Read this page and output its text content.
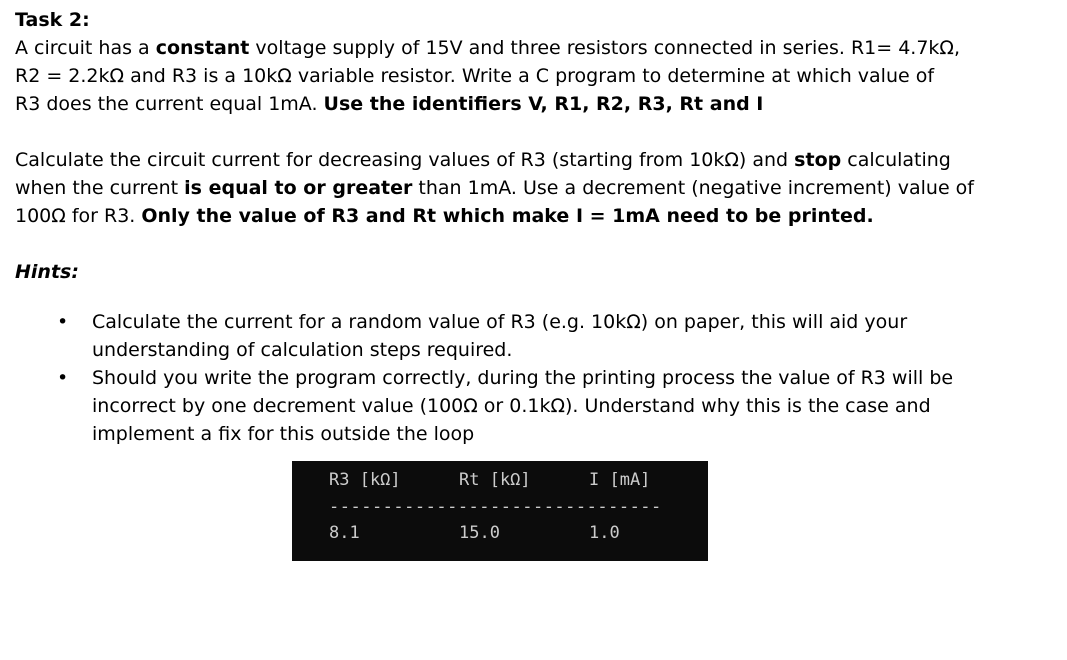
Task 2:

A circuit has a constant voltage supply of 15V and three resistors connected in series. R1= 4.7kΩ,
R2 = 2.2kΩ and R3 is a 10kΩ variable resistor. Write a C program to determine at which value of
R3 does the current equal 1mA. Use the identifiers V, R1, R2, R3, Rt and I

Calculate the circuit current for decreasing values of R3 (starting from 10kΩ) and stop calculating
when the current is equal to or greater than 1mA. Use a decrement (negative increment) value of
100Ω for R3. Only the value of R3 and Rt which make I = 1mA need to be printed.

Hints:

• Calculate the current for a random value of R3 (e.g. 10kΩ) on paper, this will aid your understanding of calculation steps required.
• Should you write the program correctly, during the printing process the value of R3 will be incorrect by one decrement value (100Ω or 0.1kΩ). Understand why this is the case and implement a fix for this outside the loop
R3 [kΩ]	Rt [kΩ]	I [mA]
-------------------------------
8.1	15.0	1.0
